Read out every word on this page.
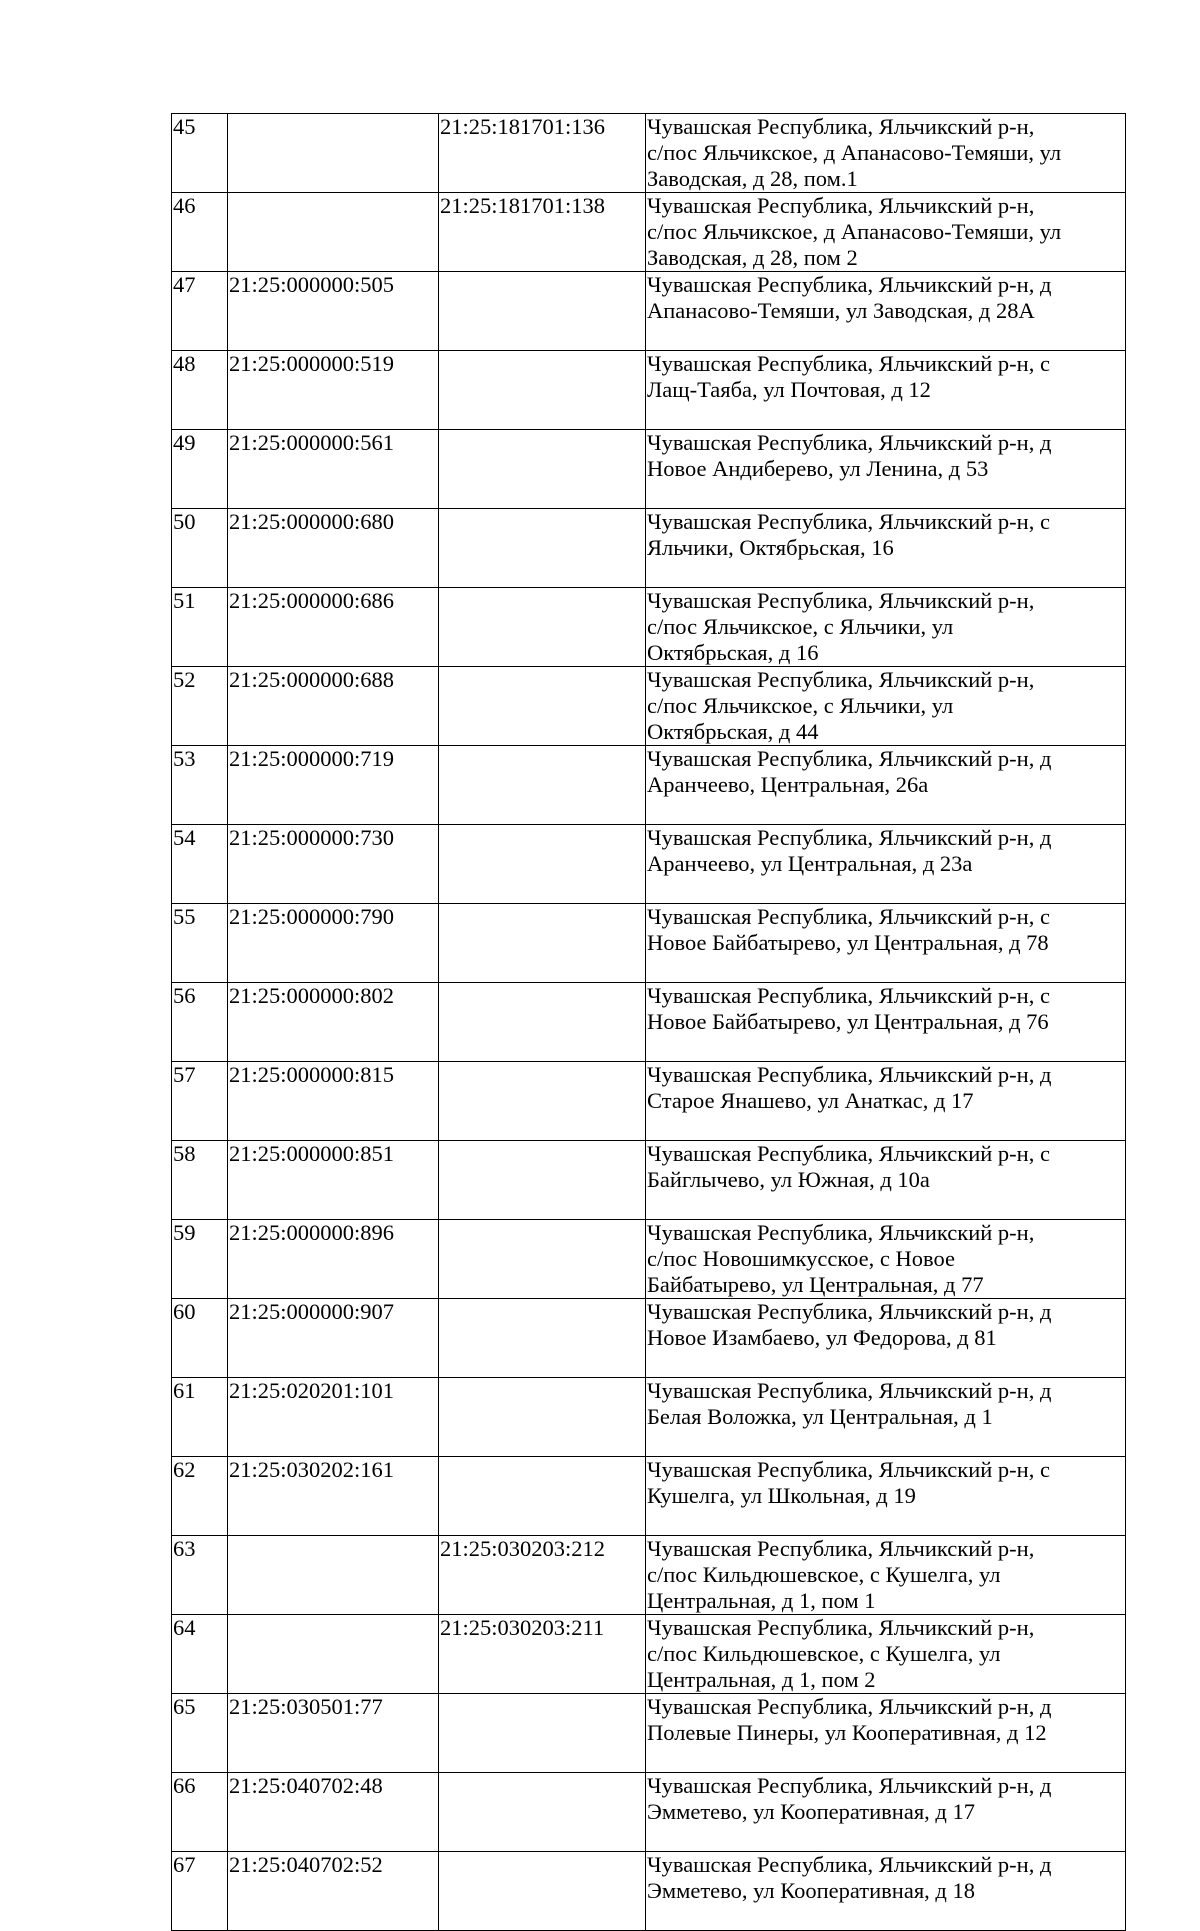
45		21:25:181701:136	Чувашская Республика, Яльчикский р-н,
с/пос Яльчикское, д Апанасово-Темяши, ул
Заводская, д 28, пом.1
46		21:25:181701:138	Чувашская Республика, Яльчикский р-н,
с/пос Яльчикское, д Апанасово-Темяши, ул
Заводская, д 28, пом 2
47	21:25:000000:505		Чувашская Республика, Яльчикский р-н, д
Апанасово-Темяши, ул Заводская, д 28А
48	21:25:000000:519		Чувашская Республика, Яльчикский р-н, с
Лащ-Таяба, ул Почтовая, д 12
49	21:25:000000:561		Чувашская Республика, Яльчикский р-н, д
Новое Андиберево, ул Ленина, д 53
50	21:25:000000:680		Чувашская Республика, Яльчикский р-н, с
Яльчики, Октябрьская, 16
51	21:25:000000:686		Чувашская Республика, Яльчикский р-н,
с/пос Яльчикское, с Яльчики, ул
Октябрьская, д 16
52	21:25:000000:688		Чувашская Республика, Яльчикский р-н,
с/пос Яльчикское, с Яльчики, ул
Октябрьская, д 44
53	21:25:000000:719		Чувашская Республика, Яльчикский р-н, д
Аранчеево, Центральная, 26а
54	21:25:000000:730		Чувашская Республика, Яльчикский р-н, д
Аранчеево, ул Центральная, д 23а
55	21:25:000000:790		Чувашская Республика, Яльчикский р-н, с
Новое Байбатырево, ул Центральная, д 78
56	21:25:000000:802		Чувашская Республика, Яльчикский р-н, с
Новое Байбатырево, ул Центральная, д 76
57	21:25:000000:815		Чувашская Республика, Яльчикский р-н, д
Старое Янашево, ул Анаткас, д 17
58	21:25:000000:851		Чувашская Республика, Яльчикский р-н, с
Байглычево, ул Южная, д 10а
59	21:25:000000:896		Чувашская Республика, Яльчикский р-н,
с/пос Новошимкусское, с Новое
Байбатырево, ул Центральная, д 77
60	21:25:000000:907		Чувашская Республика, Яльчикский р-н, д
Новое Изамбаево, ул Федорова, д 81
61	21:25:020201:101		Чувашская Республика, Яльчикский р-н, д
Белая Воложка, ул Центральная, д 1
62	21:25:030202:161		Чувашская Республика, Яльчикский р-н, с
Кушелга, ул Школьная, д 19
63		21:25:030203:212	Чувашская Республика, Яльчикский р-н,
с/пос Кильдюшевское, с Кушелга, ул
Центральная, д 1, пом 1
64		21:25:030203:211	Чувашская Республика, Яльчикский р-н,
с/пос Кильдюшевское, с Кушелга, ул
Центральная, д 1, пом 2
65	21:25:030501:77		Чувашская Республика, Яльчикский р-н, д
Полевые Пинеры, ул Кооперативная, д 12
66	21:25:040702:48		Чувашская Республика, Яльчикский р-н, д
Эмметево, ул Кооперативная, д 17
67	21:25:040702:52		Чувашская Республика, Яльчикский р-н, д
Эмметево, ул Кооперативная, д 18
